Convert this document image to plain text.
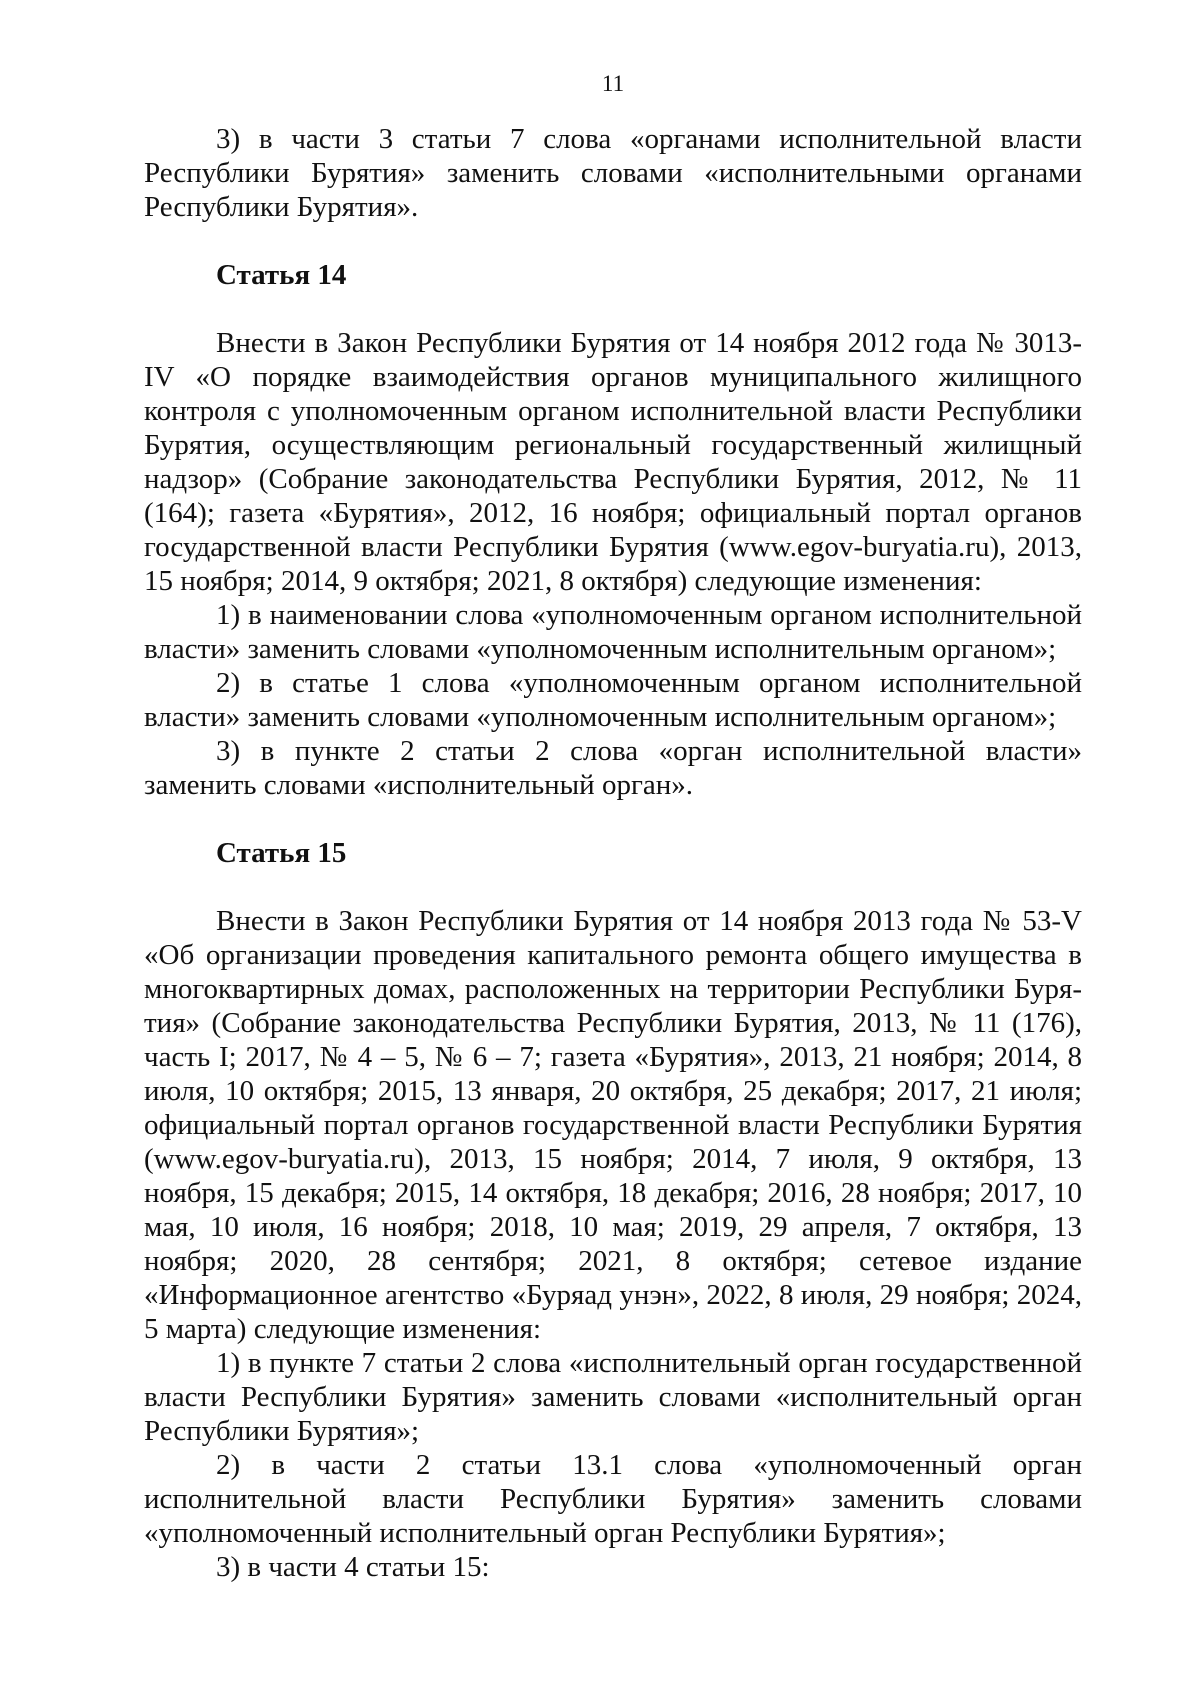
11

3) в части 3 статьи 7 слова «органами исполнительной власти Республики Бурятия» заменить словами «исполнительными органами Республики Бурятия».

Статья 14

Внести в Закон Республики Бурятия от 14 ноября 2012 года № 3013-IV «О порядке взаимодействия органов муниципального жилищного контроля с уполномоченным органом исполнительной власти Республики Бурятия, осуществляющим региональный государственный жилищный надзор» (Собрание законодательства Республики Бурятия, 2012, № 11 (164); газета «Бурятия», 2012, 16 ноября; официальный портал органов государственной власти Республики Бурятия (www.egov-buryatia.ru), 2013, 15 ноября; 2014, 9 октября; 2021, 8 октября) следующие изменения:

1) в наименовании слова «уполномоченным органом исполнительной власти» заменить словами «уполномоченным исполнительным органом»;

2) в статье 1 слова «уполномоченным органом исполнительной власти» заменить словами «уполномоченным исполнительным органом»;

3) в пункте 2 статьи 2 слова «орган исполнительной власти» заменить словами «исполнительный орган».

Статья 15

Внести в Закон Республики Бурятия от 14 ноября 2013 года № 53-V «Об организации проведения капитального ремонта общего имущества в многоквартирных домах, расположенных на территории Республики Бурятия» (Собрание законодательства Республики Бурятия, 2013, № 11 (176), часть I; 2017, № 4 – 5, № 6 – 7; газета «Бурятия», 2013, 21 ноября; 2014, 8 июля, 10 октября; 2015, 13 января, 20 октября, 25 декабря; 2017, 21 июля; официальный портал органов государственной власти Республики Бурятия (www.egov-buryatia.ru), 2013, 15 ноября; 2014, 7 июля, 9 октября, 13 ноября, 15 декабря; 2015, 14 октября, 18 декабря; 2016, 28 ноября; 2017, 10 мая, 10 июля, 16 ноября; 2018, 10 мая; 2019, 29 апреля, 7 октября, 13 ноября; 2020, 28 сентября; 2021, 8 октября; сетевое издание «Информационное агентство «Буряад унэн», 2022, 8 июля, 29 ноября; 2024, 5 марта) следующие изменения:

1) в пункте 7 статьи 2 слова «исполнительный орган государственной власти Республики Бурятия» заменить словами «исполнительный орган Республики Бурятия»;

2) в части 2 статьи 13.1 слова «уполномоченный орган исполнительной власти Республики Бурятия» заменить словами «уполномоченный исполнительный орган Республики Бурятия»;

3) в части 4 статьи 15:
